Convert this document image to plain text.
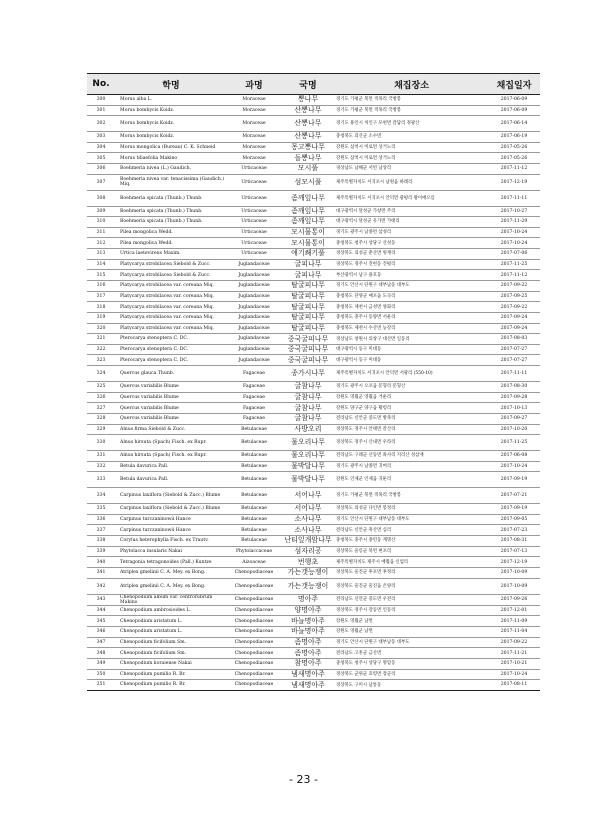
No.	학명	과명	국명	채집장소	채집일자
300	Morus alba L.	Moraceae	뽕나무	경기도 가평군 북면 적목리 국방봉	2017-06-09
301	Morus bombycis Koidz.	Moraceae	산뽕나무	경기도 가평군 북면 적목리 국방봉	2017-06-09
302	Morus bombycis Koidz.	Moraceae	산뽕나무	경기도 용인시 처인구 모현면 갈담리 정광산	2017-06-14
303	Morus bombycis Koidz.	Moraceae	산뽕나무	충청북도 괴산군 소수면	2017-06-19
304	Morus mongolica (Bureau) C. K. Schneid	Moraceae	몽고뽕나무	강원도 삼척시 미로면 상거노리	2017-05-26
305	Morus tiliaefolia Makino	Moraceae	돌뽕나무	강원도 삼척시 미로면 상거노리	2017-05-26
306	Boehmeria nivea (L.) Gaudich.	Urticaceae	모시풀	경상남도 남해군 서면 남상리	2017-11-12
307	Boehmeria nivea var. tenacissima (Gaudich.) Miq.	Urticaceae	섬모시풀	제주특별자치도 서귀포시 남원읍 하례리	2017-12-19
308	Boehmeria spicata (Thunb.) Thunb.	Urticaceae	좀깨잎나무	제주특별자치도 서귀포시 안덕면 광평리 왕이메오름	2017-11-11
309	Boehmeria spicata (Thunb.) Thunb.	Urticaceae	좀깨잎나무	대구광역시 달성군 가창면 주리	2017-10-27
310	Boehmeria spicata (Thunb.) Thunb.	Urticaceae	좀깨잎나무	대구광역시 달성군 유가면 가태리	2017-11-29
311	Pilea mongolica Wedd.	Urticaceae	모시물통이	경기도 광주시 남종면 삼성리	2017-10-24
312	Pilea mongolica Wedd.	Urticaceae	모시물통이	충청북도 청주시 상당구 산성동	2017-10-24
313	Urtica laetevirens Maxim.	Urticaceae	애기쐐기풀	경상북도 의성군 춘산면 빙계리	2017-07-06
314	Platycarya strobilacea Siebold & Zucc.	Juglandaceae	굴피나무	경상북도 경주시 진현동 진평리	2017-11-25
315	Platycarya strobilacea Siebold & Zucc.	Juglandaceae	굴피나무	부산광역시 남구 용호동	2017-11-12
316	Platycarya strobilacea var. coreana Miq.	Juglandaceae	탈굴피나무	경기도 안산시 단원구 대부남동 대부도	2017-09-22
317	Platycarya strobilacea var. coreana Miq.	Juglandaceae	탈굴피나무	충청북도 단양군 매포읍 도곡리	2017-09-25
318	Platycarya strobilacea var. coreana Miq.	Juglandaceae	탈굴피나무	충청북도 제천시 금성면 양화리	2017-09-22
319	Platycarya strobilacea var. coreana Miq.	Juglandaceae	탈굴피나무	충청북도 충주시 동량면 서운리	2017-09-24
320	Platycarya strobilacea var. coreana Miq.	Juglandaceae	탈굴피나무	충청북도 제천시 수산면 능강리	2017-09-24
321	Pterocarya stenoptera C. DC.	Juglandaceae	중국굴피나무	경상남도 창원시 의창구 대산면 일동리	2017-08-03
322	Pterocarya stenoptera C. DC.	Juglandaceae	중국굴피나무	대구광역시 동구 미대동	2017-07-27
323	Pterocarya stenoptera C. DC.	Juglandaceae	중국굴피나무	대구광역시 동구 미대동	2017-07-27
324	Quercus glauca Thunb.	Fagaceae	종가시나무	제주특별자치도 서귀포시 안덕면 서광리 (550-10)	2017-11-11
325	Quercus variabilis Blume	Fagaceae	굴참나무	경기도 광주시 오포읍 문형리 문형산	2017-08-30
326	Quercus variabilis Blume	Fagaceae	굴참나무	강원도 영월군 영월읍 거운리	2017-09-28
327	Quercus variabilis Blume	Fagaceae	굴참나무	강원도 양구군 양구읍 황령리	2017-10-13
328	Quercus variabilis Blume	Fagaceae	굴참나무	전라남도 신안군 증도면 방축리	2017-09-27
329	Alnus firma Siebold & Zucc.	Betulaceae	사방오리	경상북도 경주시 안태면 갈산리	2017-10-20
330	Alnus hirsuta (Spach) Fisch. ex Rupr.	Betulaceae	물오리나무	경상북도 경주시 산내면 우라리	2017-11-25
331	Alnus hirsuta (Spach) Fisch. ex Rupr.	Betulaceae	물오리나무	전라남도 구례군 산동면 좌사리 지리산 성삼재	2017-06-08
332	Betula davurica Pall.	Betulaceae	물박달나무	경기도 광주시 남종면 귀여리	2017-10-24
333	Betula davurica Pall.	Betulaceae	물박달나무	강원도 인제군 인제읍 귀둔리	2017-09-19
334	Carpinus laxiflora (Siebold & Zucc.) Blume	Betulaceae	서어나무	경기도 가평군 북면 적목리 국방봉	2017-07-21
335	Carpinus laxiflora (Siebold & Zucc.) Blume	Betulaceae	서어나무	경상북도 의성군 다인면 봉정리	2017-09-19
336	Carpinus turczaninowii Hance	Betulaceae	소사나무	경기도 안산시 단원구 대부남동 대부도	2017-09-05
337	Carpinus turczaninowii Hance	Betulaceae	소사나무	전라남도 신안군 흑산면 심리	2017-07-23
338	Corylus heterophylla Fisch. ex Trautv.	Betulaceae	난티잎개암나무	충청북도 충주시 종민동 계명산	2017-08-31
339	Phytolacca insularis Nakai	Phytolaccaceae	섬자리공	경상북도 울릉군 북면 현포리	2017-07-13
340	Tetragonia tetragonoides (Pall.) Kuntze	Aizoaceae	번행초	제주특별자치도 제주시 애월읍 신엄리	2017-12-19
341	Atriplex gmelinii C. A. Mey. ex Bong.	Chenopodiaceae	가는갯능쟁이	경상북도 울진군 후포면 후정리	2017-10-09
342	Atriplex gmelinii C. A. Mey. ex Bong.	Chenopodiaceae	가는갯능쟁이	경상북도 울진군 울진읍 온양리	2017-10-09
343	Chenopodium album var. centrorubrum Makino	Chenopodiaceae	명아주	전라남도 신안군 증도면 우전리	2017-09-26
344	Chenopodium ambrosioides L.	Chenopodiaceae	양명아주	경상북도 경주시 강동면 인동리	2017-12-01
345	Chenopodium aristatum L.	Chenopodiaceae	바늘명아주	강원도 영월군 남면	2017-11-09
346	Chenopodium aristatum L.	Chenopodiaceae	바늘명아주	강원도 영월군 남면	2017-11-04
347	Chenopodium ficifolium Sm.	Chenopodiaceae	좀명아주	경기도 안산시 단원구 대부남동 대부도	2017-09-22
348	Chenopodium ficifolium Sm.	Chenopodiaceae	좀명아주	전라남도 고흥군 금산면	2017-11-21
349	Chenopodium koraiense Nakai	Chenopodiaceae	참명아주	충청북도 청주시 상당구 명암동	2017-10-21
350	Chenopodium pumilio R. Br.	Chenopodiaceae	냄새명아주	경상북도 군위군 효령면 장군리	2017-10-24
351	Chenopodium pumilio R. Br.	Chenopodiaceae	냄새명아주	경상북도 구미시 남통동	2017-08-11
- 23 -
